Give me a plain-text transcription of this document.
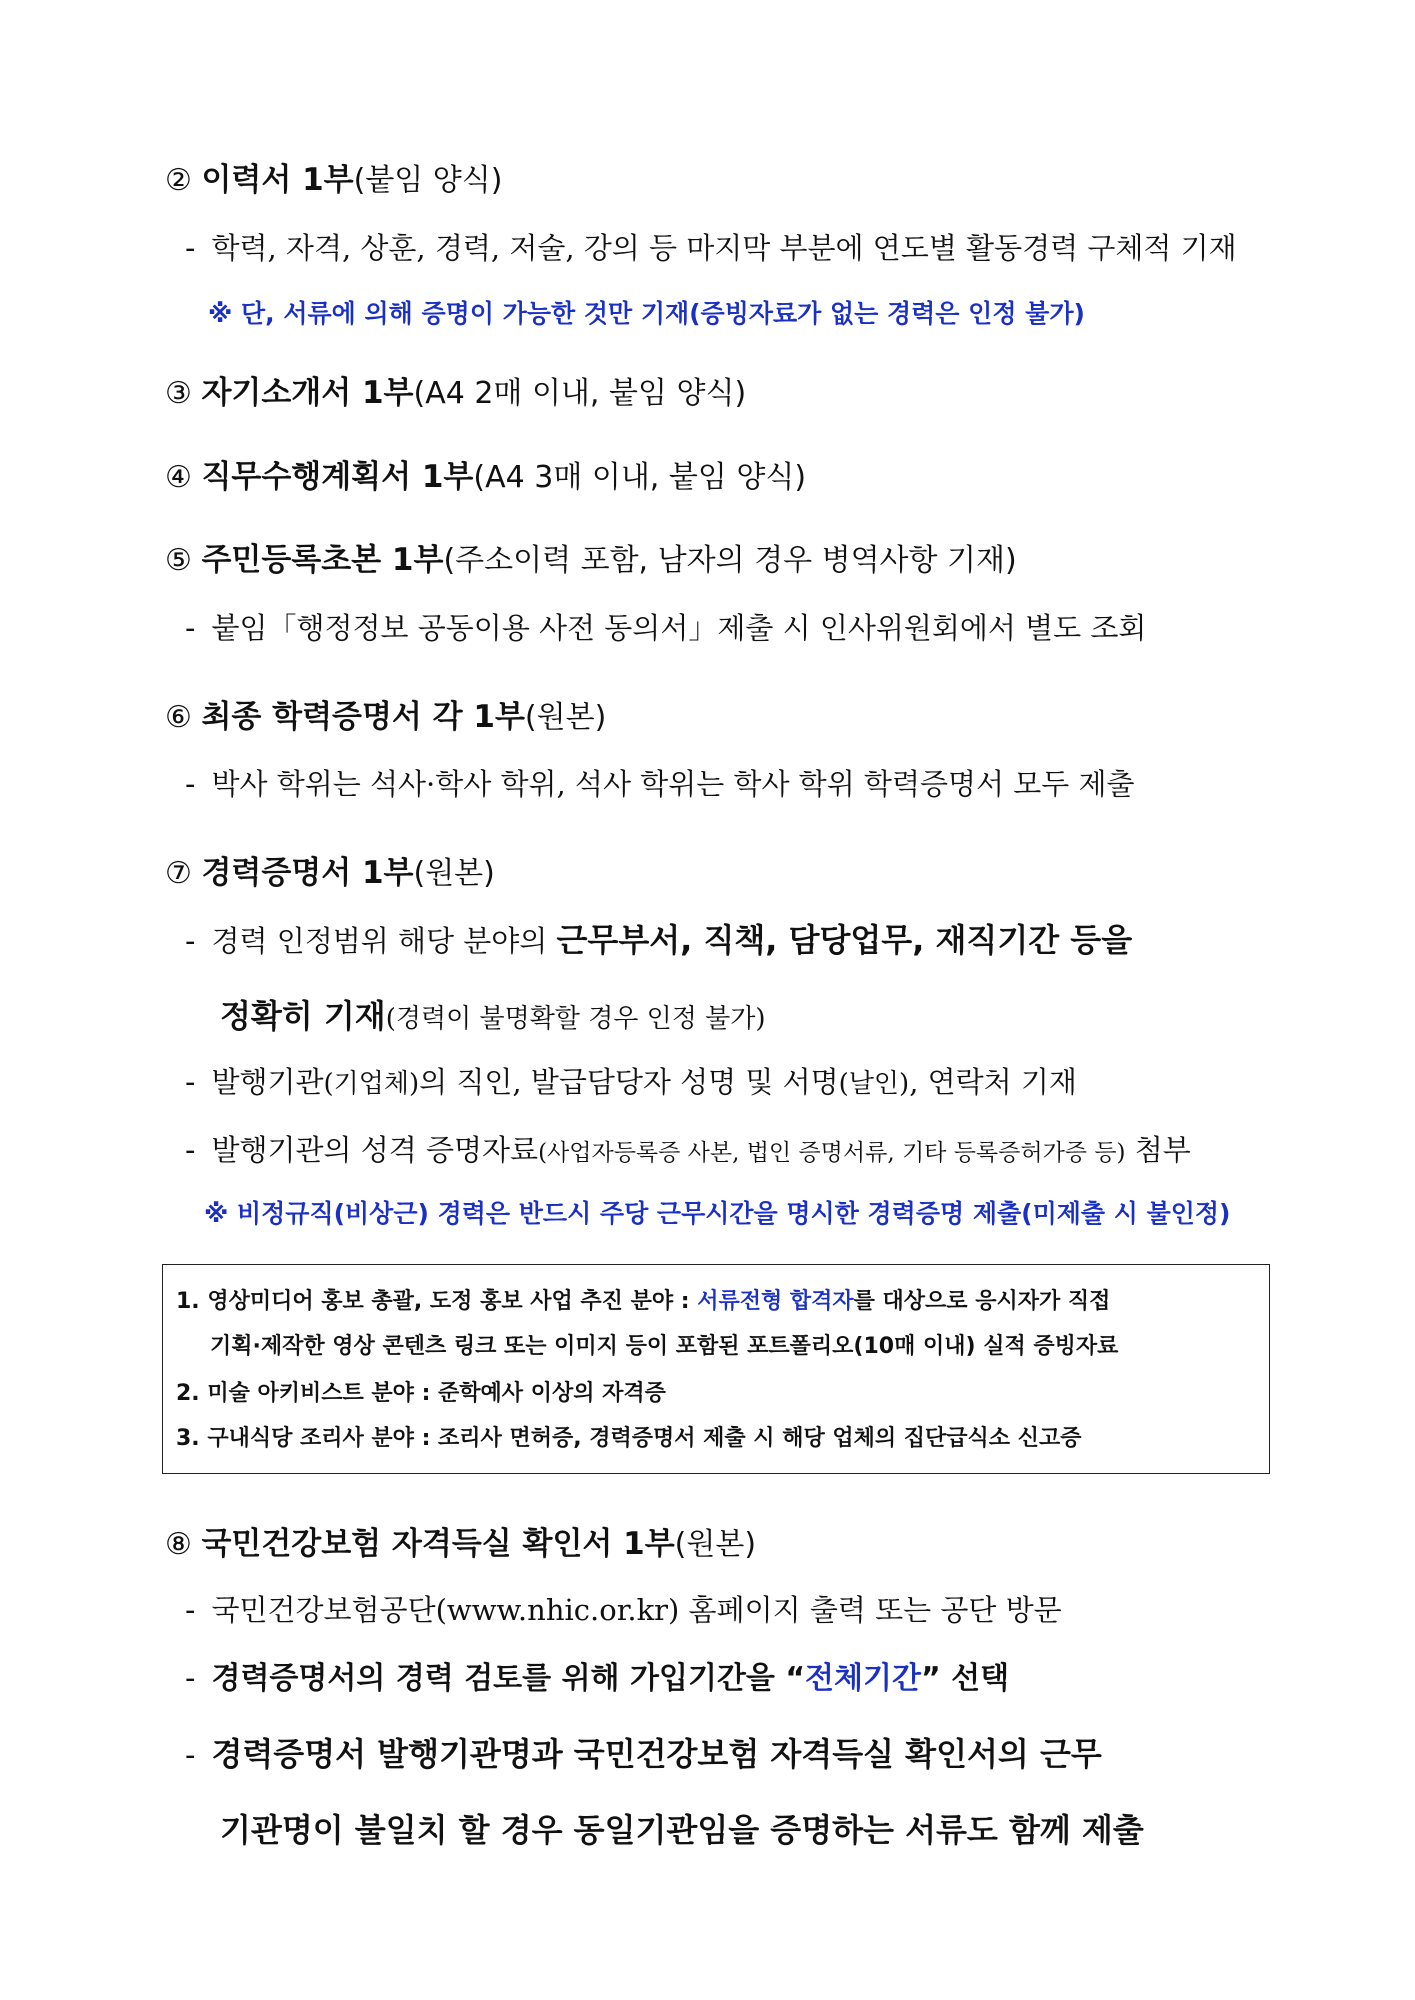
② 이력서 1부(붙임 양식)
- 학력, 자격, 상훈, 경력, 저술, 강의 등 마지막 부분에 연도별 활동경력 구체적 기재
※ 단, 서류에 의해 증명이 가능한 것만 기재(증빙자료가 없는 경력은 인정 불가)
③ 자기소개서 1부(A4 2매 이내, 붙임 양식)
④ 직무수행계획서 1부(A4 3매 이내, 붙임 양식)
⑤ 주민등록초본 1부(주소이력 포함, 남자의 경우 병역사항 기재)
- 붙임「행정정보 공동이용 사전 동의서」제출 시 인사위원회에서 별도 조회
⑥ 최종 학력증명서 각 1부(원본)
- 박사 학위는 석사·학사 학위, 석사 학위는 학사 학위 학력증명서 모두 제출
⑦ 경력증명서 1부(원본)
- 경력 인정범위 해당 분야의 근무부서, 직책, 담당업무, 재직기간 등을
정확히 기재(경력이 불명확할 경우 인정 불가)
- 발행기관(기업체)의 직인, 발급담당자 성명 및 서명(날인), 연락처 기재
- 발행기관의 성격 증명자료(사업자등록증 사본, 법인 증명서류, 기타 등록증허가증 등) 첨부
※ 비정규직(비상근) 경력은 반드시 주당 근무시간을 명시한 경력증명 제출(미제출 시 불인정)
1. 영상미디어 홍보 총괄, 도정 홍보 사업 추진 분야 : 서류전형 합격자를 대상으로 응시자가 직접
기획·제작한 영상 콘텐츠 링크 또는 이미지 등이 포함된 포트폴리오(10매 이내) 실적 증빙자료
2. 미술 아키비스트 분야 : 준학예사 이상의 자격증
3. 구내식당 조리사 분야 : 조리사 면허증, 경력증명서 제출 시 해당 업체의 집단급식소 신고증
⑧ 국민건강보험 자격득실 확인서 1부(원본)
- 국민건강보험공단(www.nhic.or.kr) 홈페이지 출력 또는 공단 방문
- 경력증명서의 경력 검토를 위해 가입기간을 “전체기간” 선택
- 경력증명서 발행기관명과 국민건강보험 자격득실 확인서의 근무
기관명이 불일치 할 경우 동일기관임을 증명하는 서류도 함께 제출
